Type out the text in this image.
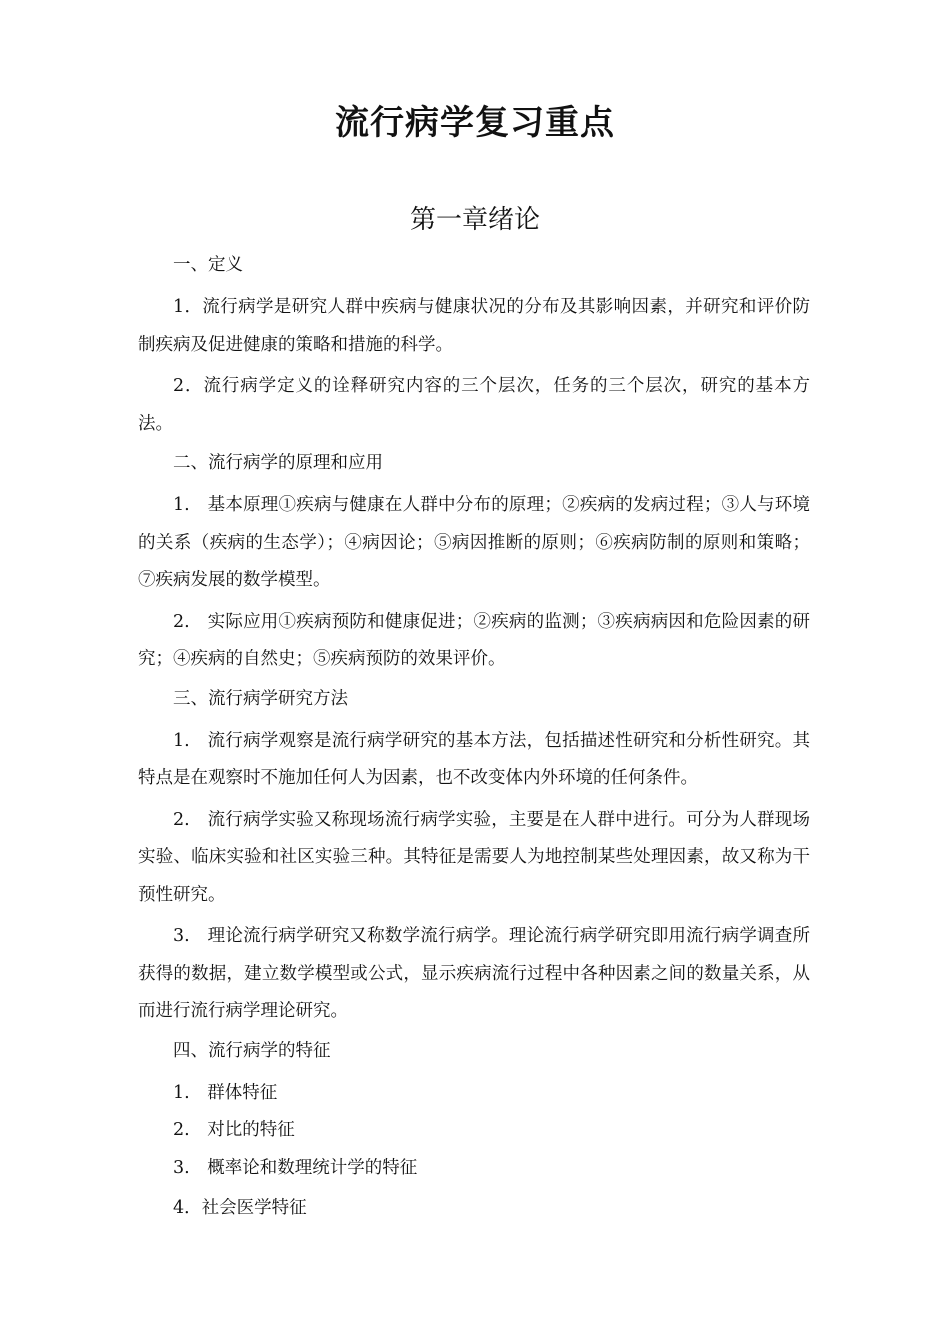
流行病学复习重点
第一章绪论
一、定义

1．流行病学是研究人群中疾病与健康状况的分布及其影响因素，并研究和评价防制疾病及促进健康的策略和措施的科学。

2．流行病学定义的诠释研究内容的三个层次，任务的三个层次，研究的基本方法。

二、流行病学的原理和应用

1.　基本原理①疾病与健康在人群中分布的原理；②疾病的发病过程；③人与环境的关系（疾病的生态学）；④病因论；⑤病因推断的原则；⑥疾病防制的原则和策略；⑦疾病发展的数学模型。

2.　实际应用①疾病预防和健康促进；②疾病的监测；③疾病病因和危险因素的研究；④疾病的自然史；⑤疾病预防的效果评价。

三、流行病学研究方法

1.　流行病学观察是流行病学研究的基本方法，包括描述性研究和分析性研究。其特点是在观察时不施加任何人为因素，也不改变体内外环境的任何条件。

2.　流行病学实验又称现场流行病学实验，主要是在人群中进行。可分为人群现场实验、临床实验和社区实验三种。其特征是需要人为地控制某些处理因素，故又称为干预性研究。

3.　理论流行病学研究又称数学流行病学。理论流行病学研究即用流行病学调查所获得的数据，建立数学模型或公式，显示疾病流行过程中各种因素之间的数量关系，从而进行流行病学理论研究。

四、流行病学的特征
1.　群体特征
2.　对比的特征
3.　概率论和数理统计学的特征
4．社会医学特征
